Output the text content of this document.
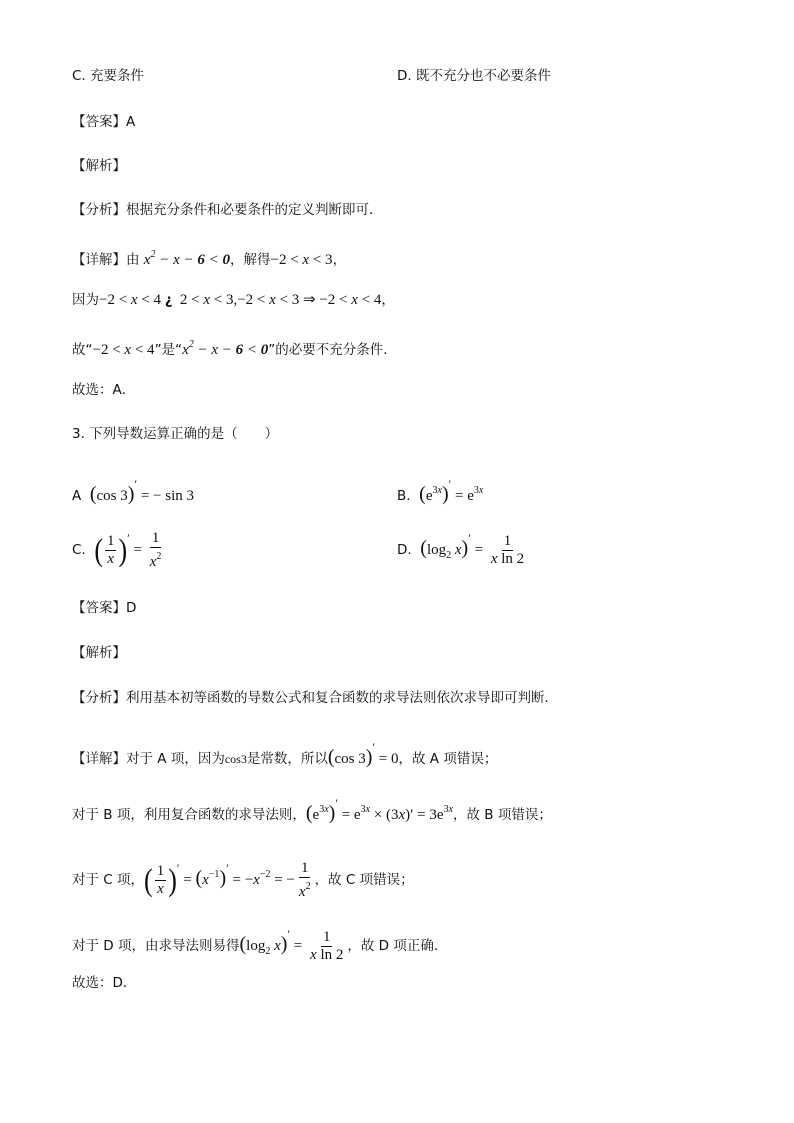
C. 充要条件	D. 既不充分也不必要条件
【答案】A
【解析】
【分析】根据充分条件和必要条件的定义判断即可．
【详解】由 $x^2 - x - 6 < 0$，解得−2 < x < 3，
因为−2 < x < 4 ¿  2 < x < 3,−2 < x < 3 ⇒ −2 < x < 4，
故“−2 < x < 4”是“$x^2 - x - 6 < 0$”的必要不充分条件．
故选：A．
3. 下列导数运算正确的是（　　）
A (cos 3)′ = − sin 3	B. $(e^{3x})' = e^{3x}$
C. ( $\frac{1}{x} )' = \frac{1}{x^2}$	D. ($\log_2$ $x)' = \frac{1}{\text{x ln 2}}$
【答案】D
【解析】
【分析】利用基本初等函数的导数公式和复合函数的求导法则依次求导即可判断．
【详解】对于 A 项，因为cos3是常数，所以(cos 3)′ = 0，故 A 项错误；
对于 B 项，利用复合函数的求导法则，$(e^{3x})' = e^{3x} \times (3x)' = 3e^{3x}$，故 B 项错误；
对于 C 项，( $\frac{1}{x} )' = (x^{-1})' = -x^{-2}$ = − $\frac{1}{x^2}$ ，故 C 项错误；
对于 D 项，由求导法则易得($\log_2$ $x)' = \frac{1}{\text{x ln 2}}$ ，故 D 项正确．
故选：D．
